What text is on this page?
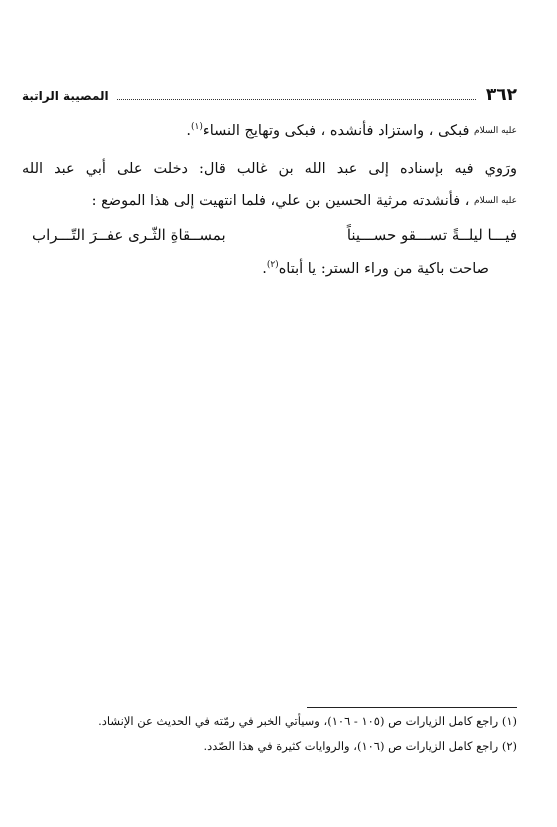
٣٦٢
المصيبة الراتبة
عليه السلام فبكى ، واستزاد فأنشده ، فبكى وتهايج النساء$^{(١)}$.
ورَوي فيه بإسناده إلى عبد الله بن غالب قال: دخلت على أبي عبد الله
عليه السلام ، فأنشدته مرثية الحسين بن علي، فلما انتهيت إلى هذا الموضع :
فيـــا ليلــةً تســـقو حســـيناً
بمســقاةِ الثّـرى عفــرَ التّـــراب
صاحت باكية من وراء الستر: يا أبتاه$^{(٢)}$.
(١) راجع كامل الزيارات ص (١٠٥ - ١٠٦)، وسيأتي الخبر في رمّته في الحديث عن الإنشاد.
(٢) راجع كامل الزيارات ص (١٠٦)، والروايات كثيرة في هذا الصّدد.
